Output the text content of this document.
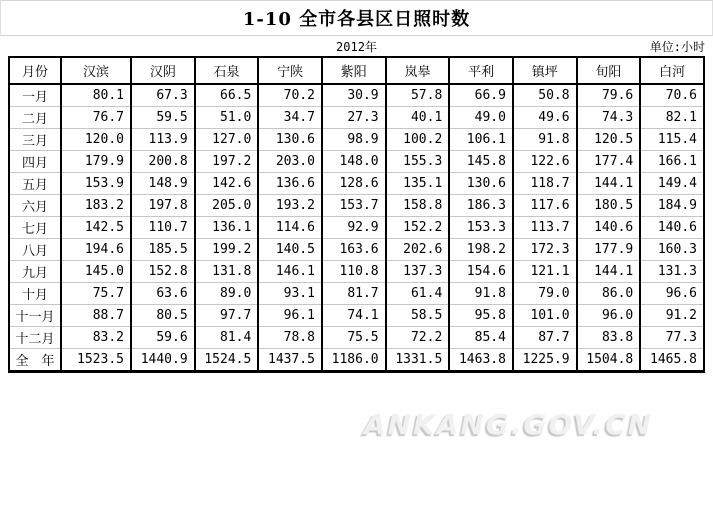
1-10 全市各县区日照时数
2012年	单位:小时
月份	汉滨	汉阴	石泉	宁陕	紫阳	岚皋	平利	镇坪	旬阳	白河
一月	80.1	67.3	66.5	70.2	30.9	57.8	66.9	50.8	79.6	70.6
二月	76.7	59.5	51.0	34.7	27.3	40.1	49.0	49.6	74.3	82.1
三月	120.0	113.9	127.0	130.6	98.9	100.2	106.1	91.8	120.5	115.4
四月	179.9	200.8	197.2	203.0	148.0	155.3	145.8	122.6	177.4	166.1
五月	153.9	148.9	142.6	136.6	128.6	135.1	130.6	118.7	144.1	149.4
六月	183.2	197.8	205.0	193.2	153.7	158.8	186.3	117.6	180.5	184.9
七月	142.5	110.7	136.1	114.6	92.9	152.2	153.3	113.7	140.6	140.6
八月	194.6	185.5	199.2	140.5	163.6	202.6	198.2	172.3	177.9	160.3
九月	145.0	152.8	131.8	146.1	110.8	137.3	154.6	121.1	144.1	131.3
十月	75.7	63.6	89.0	93.1	81.7	61.4	91.8	79.0	86.0	96.6
十一月	88.7	80.5	97.7	96.1	74.1	58.5	95.8	101.0	96.0	91.2
十二月	83.2	59.6	81.4	78.8	75.5	72.2	85.4	87.7	83.8	77.3
全　年	1523.5	1440.9	1524.5	1437.5	1186.0	1331.5	1463.8	1225.9	1504.8	1465.8
ANKANG.GOV.CN
